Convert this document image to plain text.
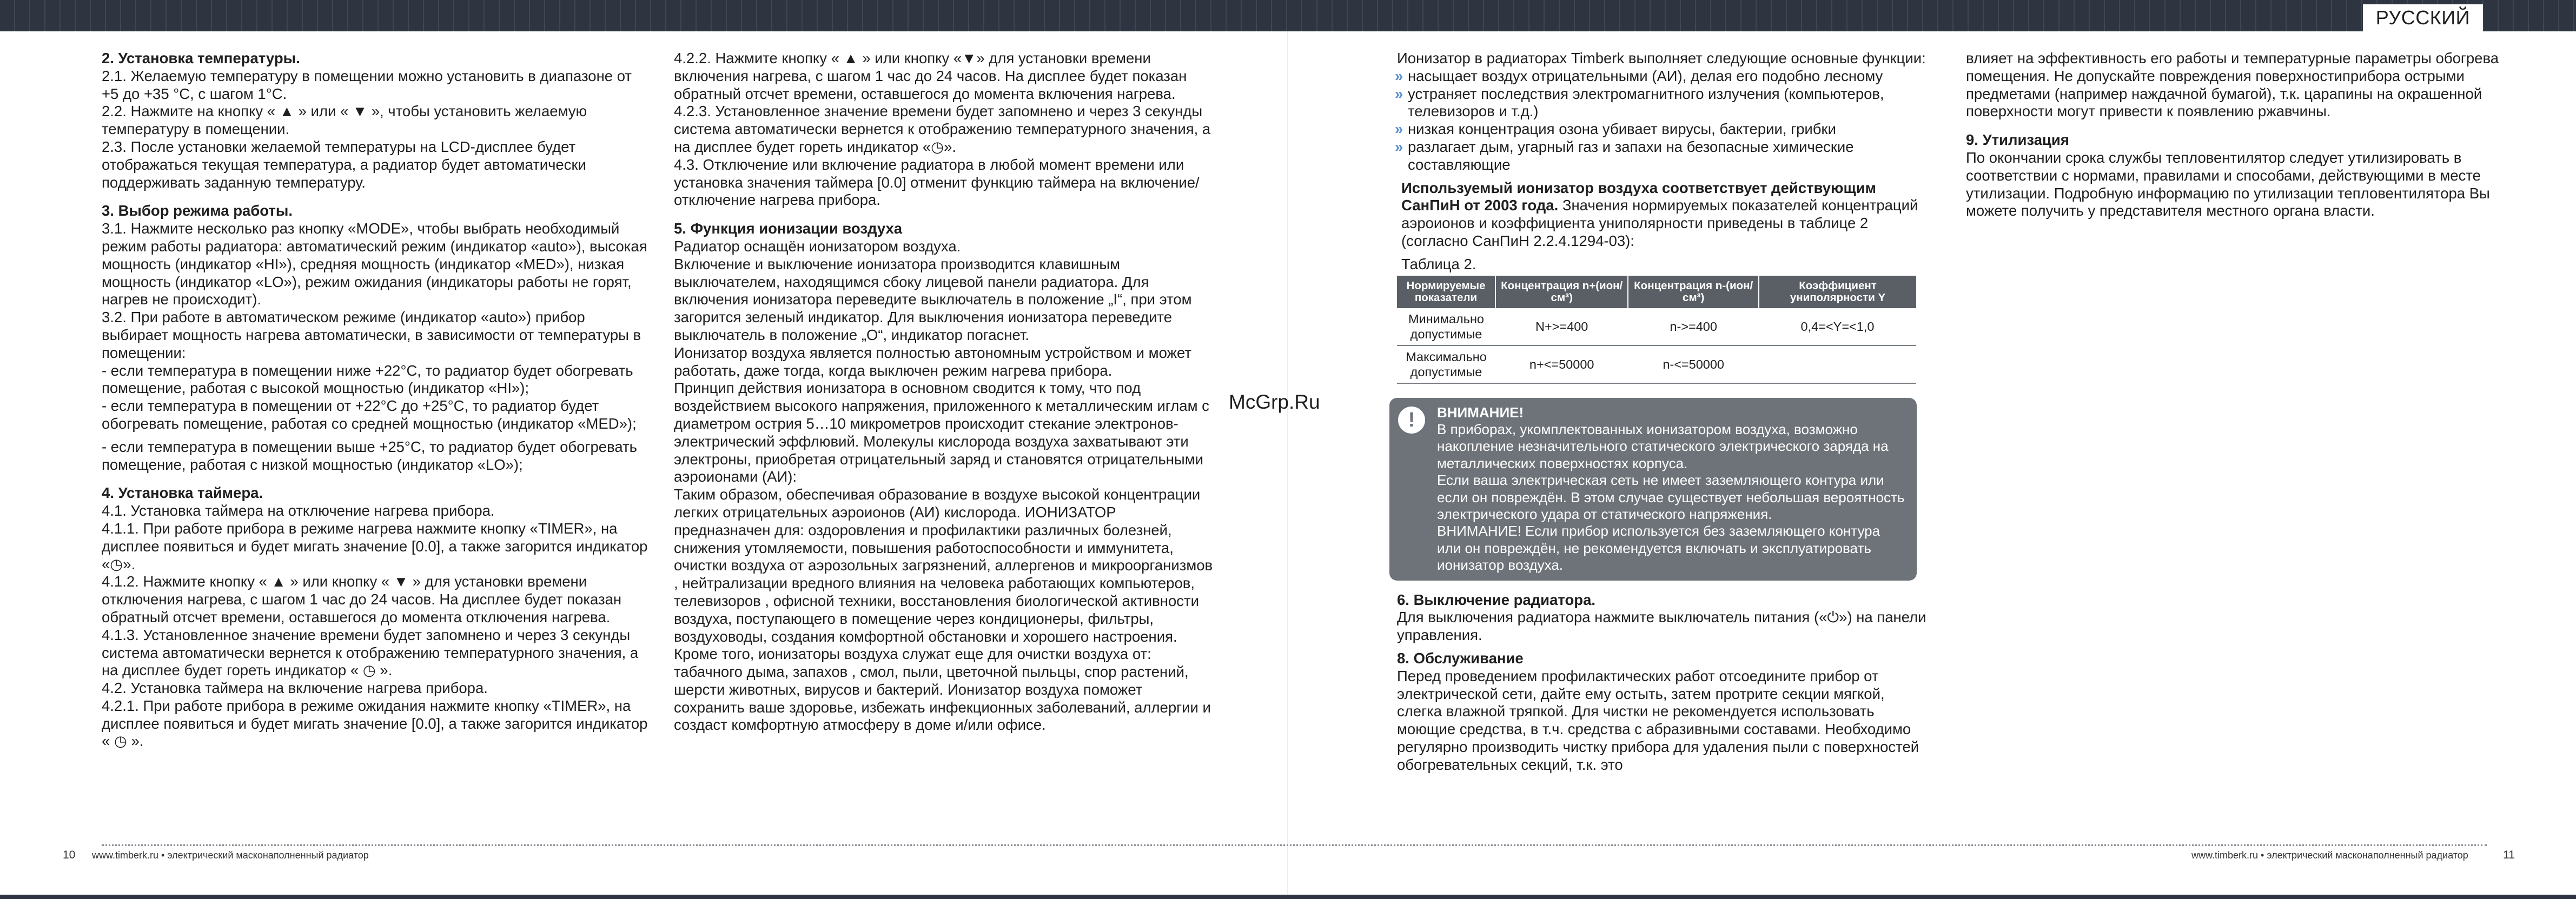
РУССКИЙ
2. Установка температуры.

2.1. Желаемую температуру в помещении можно установить в диапазоне от +5 до +35 °С, с шагом 1°С.

2.2. Нажмите на кнопку « ▲ » или « ▼ », чтобы установить желаемую температуру в помещении.

2.3. После установки желаемой температуры на LCD-дисплее будет отображаться текущая температура, а радиатор будет автоматически поддерживать заданную температуру.

3. Выбор режима работы.

3.1. Нажмите несколько раз кнопку «MODE», чтобы выбрать необходимый режим работы радиатора: автоматический режим (индикатор «auto»), высокая мощность (индикатор «HI»), средняя мощность (индикатор «MED»), низкая мощность (индикатор «LO»), режим ожидания (индикаторы работы не горят, нагрев не происходит).

3.2. При работе в автоматическом режиме (индикатор «auto») прибор выбирает мощность нагрева автоматически, в зависимости от температуры в помещении:

- если температура в помещении ниже +22°С, то радиатор будет обогревать помещение, работая с высокой мощностью (индикатор «HI»);

- если температура в помещении от +22°С до +25°С, то радиатор будет обогревать помещение, работая со средней мощностью (индикатор «MED»);

- если температура в помещении выше +25°С, то радиатор будет обогревать помещение, работая с низкой мощностью (индикатор «LO»);

4. Установка таймера.

4.1. Установка таймера на отключение нагрева прибора.

4.1.1. При работе прибора в режиме нагрева нажмите кнопку «TIMER», на дисплее появиться и будет мигать значение [0.0], а также загорится индикатор «◷».

4.1.2. Нажмите кнопку « ▲ » или кнопку « ▼ » для установки времени отключения нагрева, с шагом 1 час до 24 часов. На дисплее будет показан обратный отсчет времени, оставшегося до момента отключения нагрева.

4.1.3. Установленное значение времени будет запомнено и через 3 секунды система автоматически вернется к отображению температурного значения, а на дисплее будет гореть индикатор « ◷ ».

4.2. Установка таймера на включение нагрева прибора.

4.2.1. При работе прибора в режиме ожидания нажмите кнопку «TIMER», на дисплее появиться и будет мигать значение [0.0], а также загорится индикатор « ◷ ».

4.2.2. Нажмите кнопку « ▲ » или кнопку «▼» для установки времени включения нагрева, с шагом 1 час до 24 часов. На дисплее будет показан обратный отсчет времени, оставшегося до момента включения нагрева.

4.2.3. Установленное значение времени будет запомнено и через 3 секунды система автоматически вернется к отображению температурного значения, а на дисплее будет гореть индикатор «◷».

4.3. Отключение или включение радиатора в любой момент времени или установка значения таймера [0.0] отменит функцию таймера на включение/отключение нагрева прибора.

5. Функция ионизации воздуха

Радиатор оснащён ионизатором воздуха.

Включение и выключение ионизатора производится клавишным выключателем, находящимся сбоку лицевой панели радиатора. Для включения ионизатора переведите выключатель в положение „I“, при этом загорится зеленый индикатор. Для выключения ионизатора переведите выключатель в положение „O“, индикатор погаснет.

Ионизатор воздуха является полностью автономным устройством и может работать, даже тогда, когда выключен режим нагрева прибора.

Принцип действия ионизатора в основном сводится к тому, что под воздействием высокого напряжения, приложенного к металлическим иглам с диаметром острия 5…10 микрометров происходит стекание электронов-электрический эффлювий. Молекулы кислорода воздуха захватывают эти электроны, приобретая отрицательный заряд и становятся отрицательными аэроионами (АИ):

Таким образом, обеспечивая образование в воздухе высокой концентрации легких отрицательных аэроионов (АИ) кислорода. ИОНИЗАТОР предназначен для: оздоровления и профилактики различных болезней, снижения утомляемости, повышения работоспособности и иммунитета, очистки воздуха от аэрозольных загрязнений, аллергенов и микроорганизмов , нейтрализации вредного влияния на человека работающих компьютеров, телевизоров , офисной техники, восстановления биологической активности воздуха, поступающего в помещение через кондиционеры, фильтры, воздуховоды, создания комфортной обстановки и хорошего настроения.

Кроме того, ионизаторы воздуха служат еще для очистки воздуха от: табачного дыма, запахов , смол, пыли, цветочной пыльцы, спор растений, шерсти животных, вирусов и бактерий. Ионизатор воздуха поможет сохранить ваше здоровье, избежать инфекционных заболеваний, аллергии и создаст комфортную атмосферу в доме и/или офисе.

Ионизатор в радиаторах Timberk выполняет следующие основные функции:

» насыщает воздух отрицательными (АИ), делая его подобно лесному
» устраняет последствия электромагнитного излучения (компьютеров, телевизоров и т.д.)
» низкая концентрация озона убивает вирусы, бактерии, грибки
» разлагает дым, угарный газ и запахи на безопасные химические составляющие

Используемый ионизатор воздуха соответствует действующим СанПиН от 2003 года. Значения нормируемых показателей концентраций аэроионов и коэффициента униполярности приведены в таблице 2 (согласно СанПиН 2.2.4.1294-03):

Таблица 2.

Нормируемые показатели	Концентрация n+(ион/см³)	Концентрация n-(ион/см³)	Коэффициент униполярности Y
Минимально допустимые	N+>=400	n->=400	0,4=<Y=<1,0
Максимально допустимые	n+<=50000	n-<=50000	
!	ВНИМАНИЕ!

В приборах, укомплектованных ионизатором воздуха, возможно накопление незначительного статического электрического заряда на металлических поверхностях корпуса.

Если ваша электрическая сеть не имеет заземляющего контура или если он повреждён. В этом случае существует небольшая вероятность электрического удара от статического напряжения.

ВНИМАНИЕ! Если прибор используется без заземляющего контура или он повреждён, не рекомендуется включать и эксплуатировать ионизатор воздуха.

6. Выключение радиатора.

Для выключения радиатора нажмите выключатель питания («⏻») на панели управления.

8. Обслуживание

Перед проведением профилактических работ отсоедините прибор от электрической сети, дайте ему остыть, затем протрите секции мягкой, слегка влажной тряпкой. Для чистки не рекомендуется использовать моющие средства, в т.ч. средства с абразивными составами. Необходимо регулярно производить чистку прибора для удаления пыли с поверхностей обогревательных секций, т.к. это

влияет на эффективность его работы и температурные параметры обогрева помещения. Не допускайте повреждения поверхностиприбора острыми предметами (например наждачной бумагой), т.к. царапины на окрашенной поверхности могут привести к появлению ржавчины.

9. Утилизация

По окончании срока службы тепловентилятор следует утилизировать в соответствии с нормами, правилами и способами, действующими в месте утилизации. Подробную информацию по утилизации тепловентилятора Вы можете получить у представителя местного органа власти.

McGrp.Ru
10 www.timberk.ru • электрический масконаполненный радиатор	www.timberk.ru • электрический масконаполненный радиатор	11
